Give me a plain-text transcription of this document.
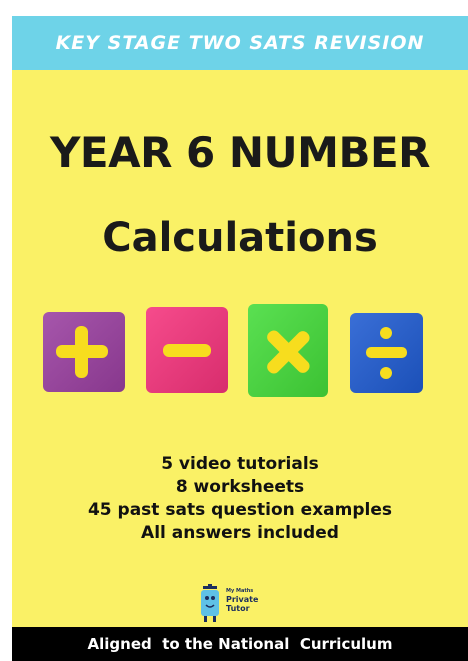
KEY STAGE TWO SATS REVISION
YEAR 6 NUMBER
Calculations
5 video tutorials
8 worksheets
45 past sats question examples
All answers included
My Maths
Private
Tutor
Aligned  to the National  Curriculum
